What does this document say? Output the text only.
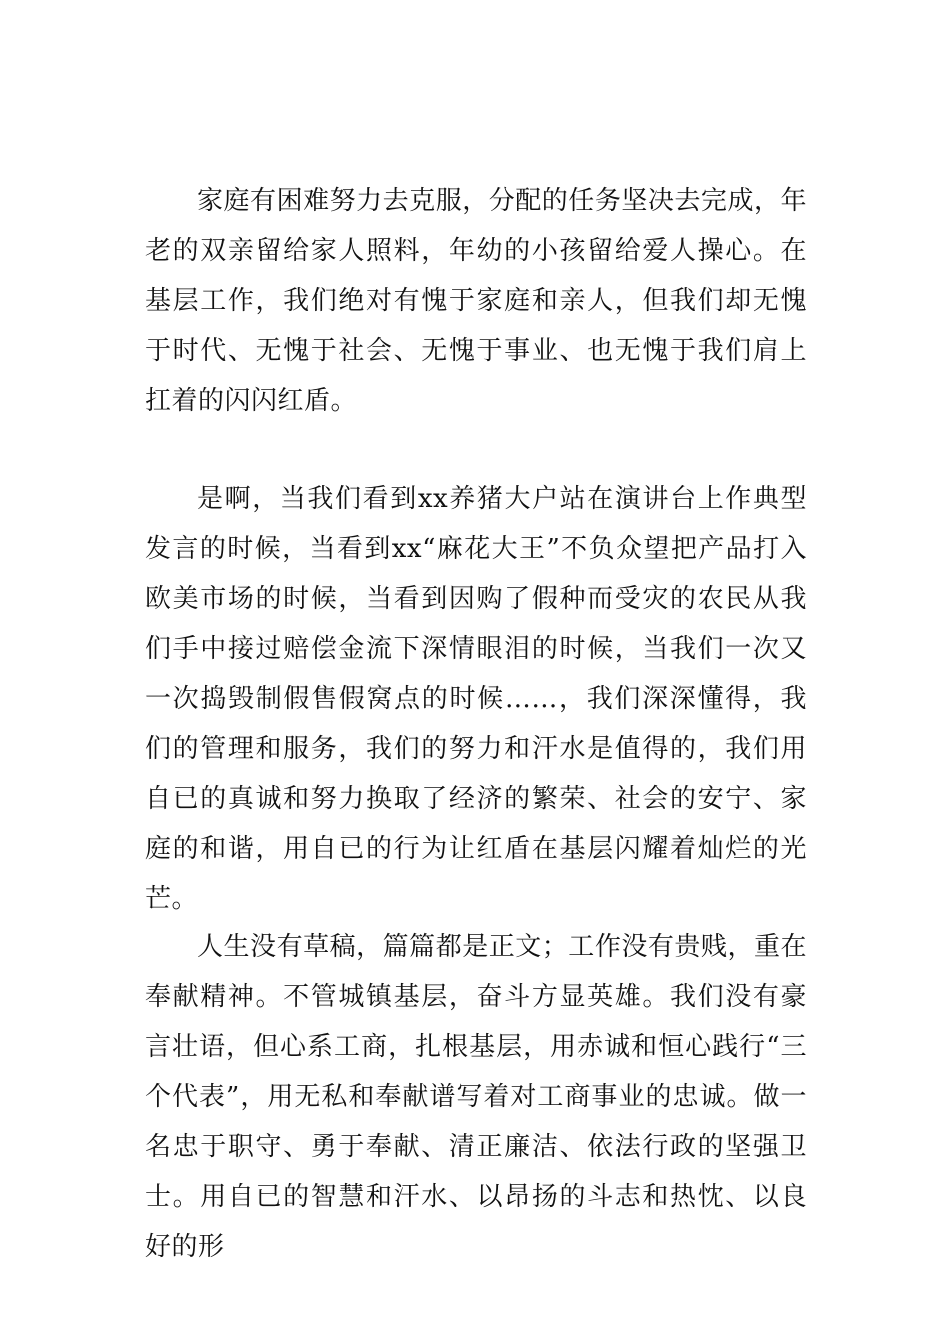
家庭有困难努力去克服，分配的任务坚决去完成，年老的双亲留给家人照料，年幼的小孩留给爱人操心。在基层工作，我们绝对有愧于家庭和亲人，但我们却无愧于时代、无愧于社会、无愧于事业、也无愧于我们肩上扛着的闪闪红盾。

是啊，当我们看到xx养猪大户站在演讲台上作典型发言的时候，当看到xx“麻花大王”不负众望把产品打入欧美市场的时候，当看到因购了假种而受灾的农民从我们手中接过赔偿金流下深情眼泪的时候，当我们一次又一次捣毁制假售假窝点的时候……，我们深深懂得，我们的管理和服务，我们的努力和汗水是值得的，我们用自已的真诚和努力换取了经济的繁荣、社会的安宁、家庭的和谐，用自已的行为让红盾在基层闪耀着灿烂的光芒。

人生没有草稿，篇篇都是正文；工作没有贵贱，重在奉献精神。不管城镇基层，奋斗方显英雄。我们没有豪言壮语，但心系工商，扎根基层，用赤诚和恒心践行“三个代表”，用无私和奉献谱写着对工商事业的忠诚。做一名忠于职守、勇于奉献、清正廉洁、依法行政的坚强卫士。用自已的智慧和汗水、以昂扬的斗志和热忱、以良好的形
